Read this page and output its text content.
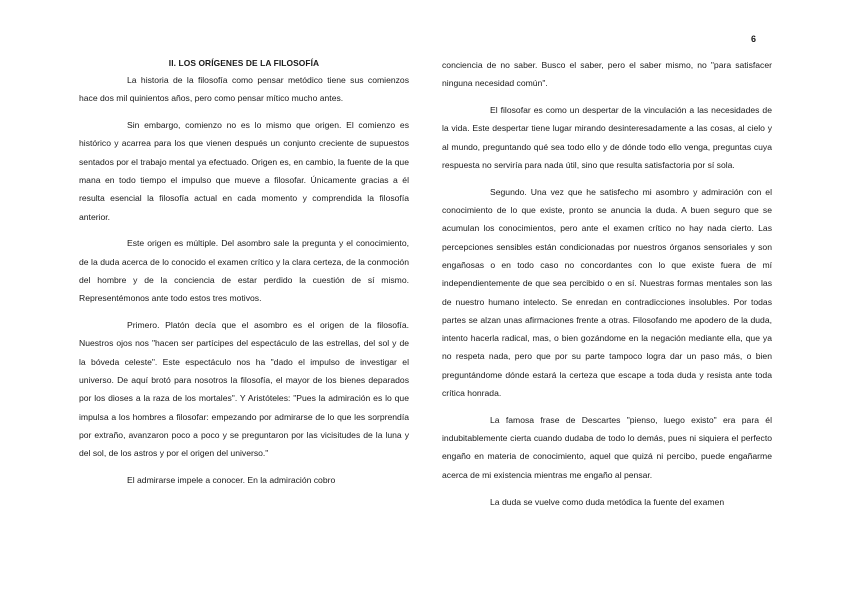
6
II. LOS ORÍGENES DE LA FILOSOFÍA

La historia de la filosofía como pensar metódico tiene sus comienzos hace dos mil quinientos años, pero como pensar mítico mucho antes.

Sin embargo, comienzo no es lo mismo que origen. El comienzo es histórico y acarrea para los que vienen después un conjunto creciente de supuestos sentados por el trabajo mental ya efectuado. Origen es, en cambio, la fuente de la que mana en todo tiempo el impulso que mueve a filosofar. Únicamente gracias a él resulta esencial la filosofía actual en cada momento y comprendida la filosofía anterior.

Este origen es múltiple. Del asombro sale la pregunta y el conocimiento, de la duda acerca de lo conocido el examen crítico y la clara certeza, de la conmoción del hombre y de la conciencia de estar perdido la cuestión de sí mismo. Representémonos ante todo estos tres motivos.

Primero. Platón decía que el asombro es el origen de la filosofía. Nuestros ojos nos "hacen ser partícipes del espectáculo de las estrellas, del sol y de la bóveda celeste". Este espectáculo nos ha "dado el impulso de investigar el universo. De aquí brotó para nosotros la filosofía, el mayor de los bienes deparados por los dioses a la raza de los mortales". Y Aristóteles: "Pues la admiración es lo que impulsa a los hombres a filosofar: empezando por admirarse de lo que les sorprendía por extraño, avanzaron poco a poco y se preguntaron por las vicisitudes de la luna y del sol, de los astros y por el origen del universo."

El admirarse impele a conocer. En la admiración cobro

conciencia de no saber. Busco el saber, pero el saber mismo, no "para satisfacer ninguna necesidad común".

El filosofar es como un despertar de la vinculación a las necesidades de la vida. Este despertar tiene lugar mirando desinteresadamente a las cosas, al cielo y al mundo, preguntando qué sea todo ello y de dónde todo ello venga, preguntas cuya respuesta no serviría para nada útil, sino que resulta satisfactoria por sí sola.

Segundo. Una vez que he satisfecho mi asombro y admiración con el conocimiento de lo que existe, pronto se anuncia la duda. A buen seguro que se acumulan los conocimientos, pero ante el examen crítico no hay nada cierto. Las percepciones sensibles están condicionadas por nuestros órganos sensoriales y son engañosas o en todo caso no concordantes con lo que existe fuera de mí independientemente de que sea percibido o en sí. Nuestras formas mentales son las de nuestro humano intelecto. Se enredan en contradicciones insolubles. Por todas partes se alzan unas afirmaciones frente a otras. Filosofando me apodero de la duda, intento hacerla radical, mas, o bien gozándome en la negación mediante ella, que ya no respeta nada, pero que por su parte tampoco logra dar un paso más, o bien preguntándome dónde estará la certeza que escape a toda duda y resista ante toda crítica honrada.

La famosa frase de Descartes "pienso, luego existo" era para él indubitablemente cierta cuando dudaba de todo lo demás, pues ni siquiera el perfecto engaño en materia de conocimiento, aquel que quizá ni percibo, puede engañarme acerca de mi existencia mientras me engaño al pensar.

La duda se vuelve como duda metódica la fuente del examen
